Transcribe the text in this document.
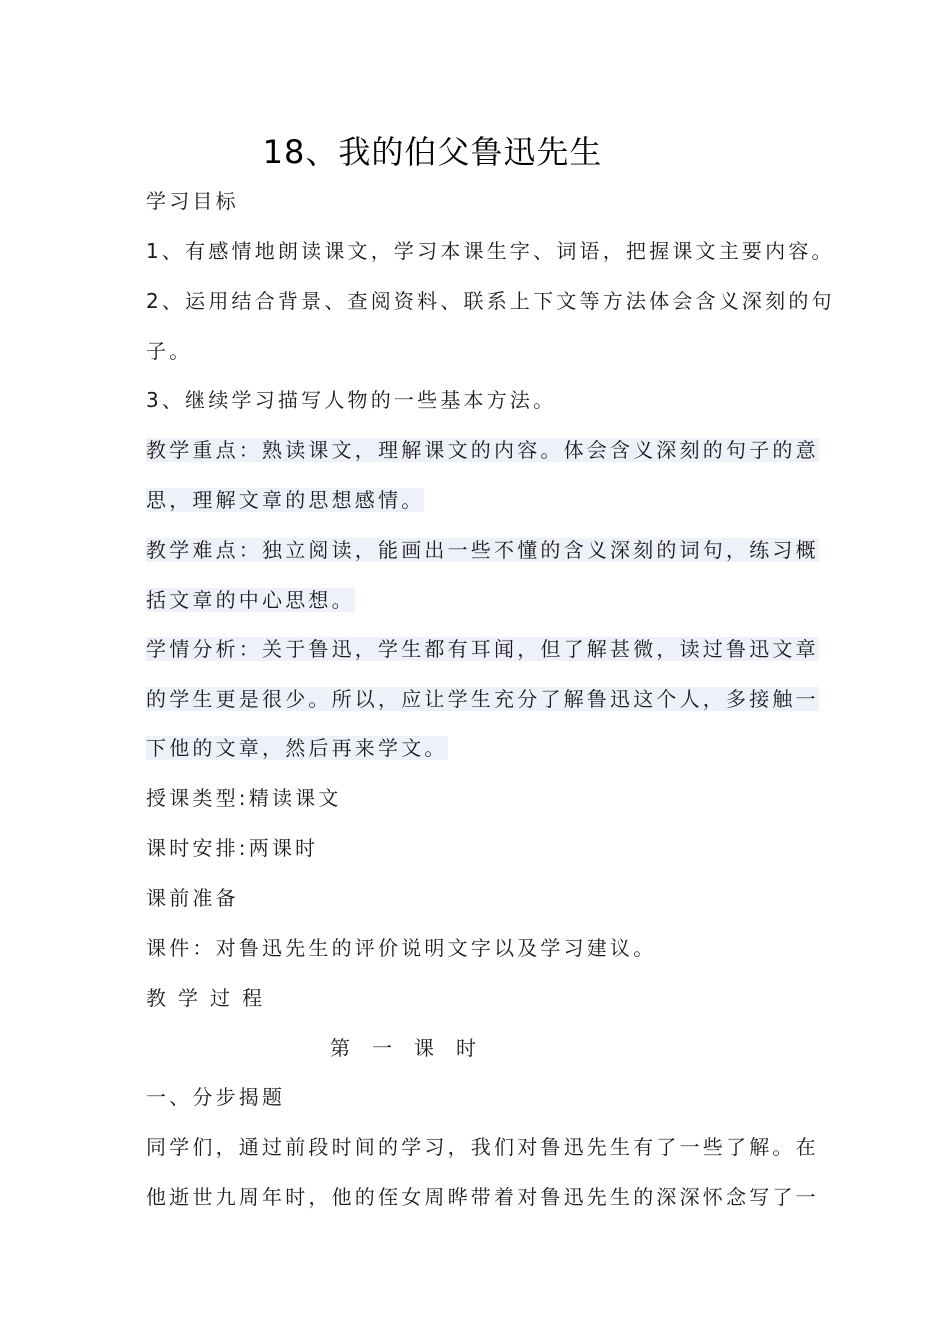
18、我的伯父鲁迅先生
学习目标
1、有感情地朗读课文，学习本课生字、词语，把握课文主要内容。
2、运用结合背景、查阅资料、联系上下文等方法体会含义深刻的句
子。
3、继续学习描写人物的一些基本方法。
教学重点：熟读课文，理解课文的内容。体会含义深刻的句子的意
思，理解文章的思想感情。
教学难点：独立阅读，能画出一些不懂的含义深刻的词句，练习概
括文章的中心思想。
学情分析：关于鲁迅，学生都有耳闻，但了解甚微，读过鲁迅文章
的学生更是很少。所以，应让学生充分了解鲁迅这个人，多接触一
下他的文章，然后再来学文。
授课类型:精读课文
课时安排:两课时
课前准备
课件：对鲁迅先生的评价说明文字以及学习建议。
教学过程
第一课时
一、分步揭题
同学们，通过前段时间的学习，我们对鲁迅先生有了一些了解。在
他逝世九周年时，他的侄女周晔带着对鲁迅先生的深深怀念写了一
